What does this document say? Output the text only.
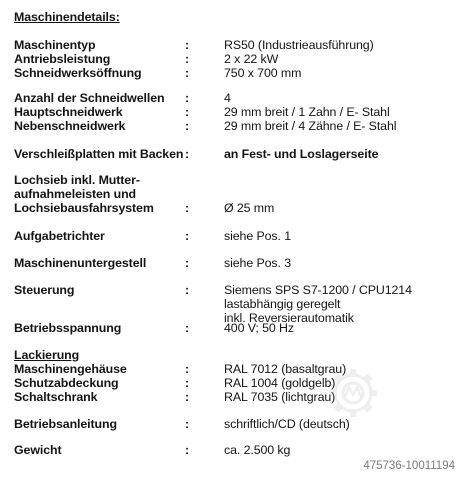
Maschinendetails:
Maschinentyp	:	RS50 (Industrieausführung)
Antriebsleistung	:	2 x 22 kW
Schneidwerksöffnung	:	750 x 700 mm
Anzahl der Schneidwellen :	4
Hauptschneidwerk	:	29 mm breit / 1 Zahn / E- Stahl
Nebenschneidwerk	:	29 mm breit / 4 Zähne / E- Stahl
Verschleißplatten mit Backen :	an Fest- und Loslagerseite
Lochsieb inkl. Mutter-
aufnahmeleisten und
Lochsiebausfahrsystem	:	Ø 25 mm
Aufgabetrichter	:	siehe Pos. 1
Maschinenuntergestell	:	siehe Pos. 3
Steuerung	:	Siemens SPS S7-1200 / CPU1214
lastabhängig geregelt
inkl. Reversierautomatik
Betriebsspannung	:	400 V; 50 Hz
Lackierung
Maschinengehäuse	:	RAL 7012 (basaltgrau)
Schutzabdeckung	:	RAL 1004 (goldgelb)
Schaltschrank	:	RAL 7035 (lichtgrau)
Betriebsanleitung	:	schriftlich/CD (deutsch)
Gewicht	:	ca. 2.500 kg
475736-10011194
